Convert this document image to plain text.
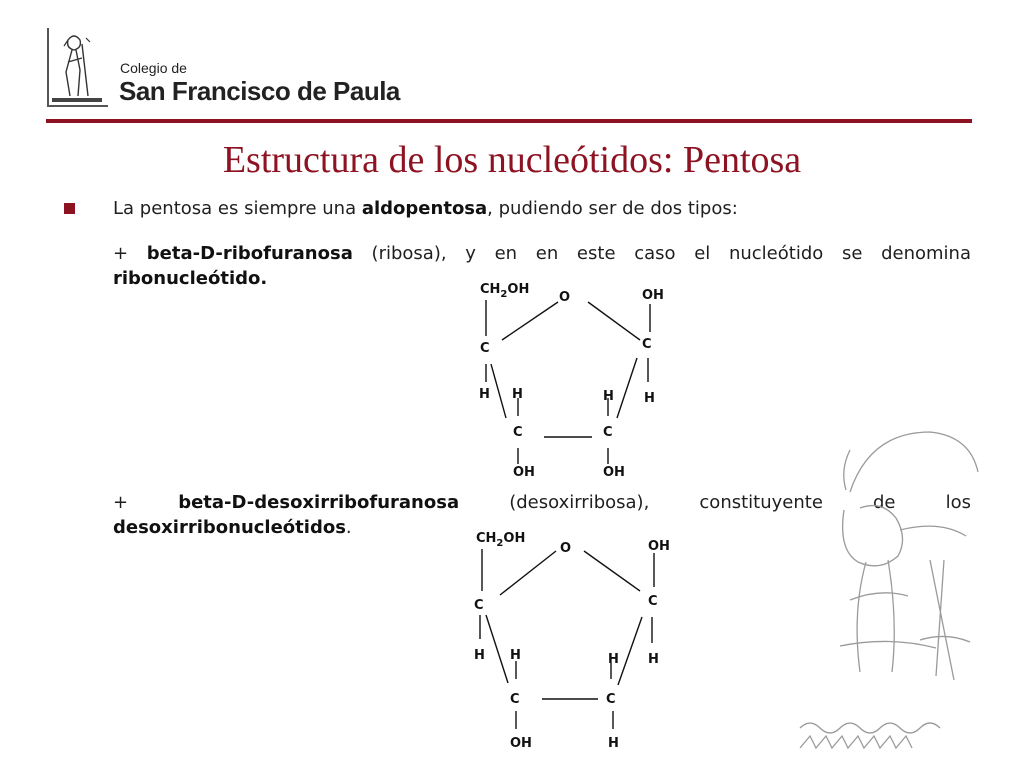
Colegio de
San Francisco de Paula
Estructura de los nucleótidos: Pentosa
La pentosa es siempre una aldopentosa, pudiendo ser de dos tipos:
+ beta-D-ribofuranosa (ribosa), y en en este caso el nucleótido se denomina ribonucleótido.
$CH_2OH$
O	OH
C	C
H H	H H
C	C
OH	OH
+ beta-D-desoxirribofuranosa (desoxirribosa), constituyente de los desoxirribonucleótidos.
$CH_2OH$
O	OH
C	C
H H	H H
C	C
OH	H
